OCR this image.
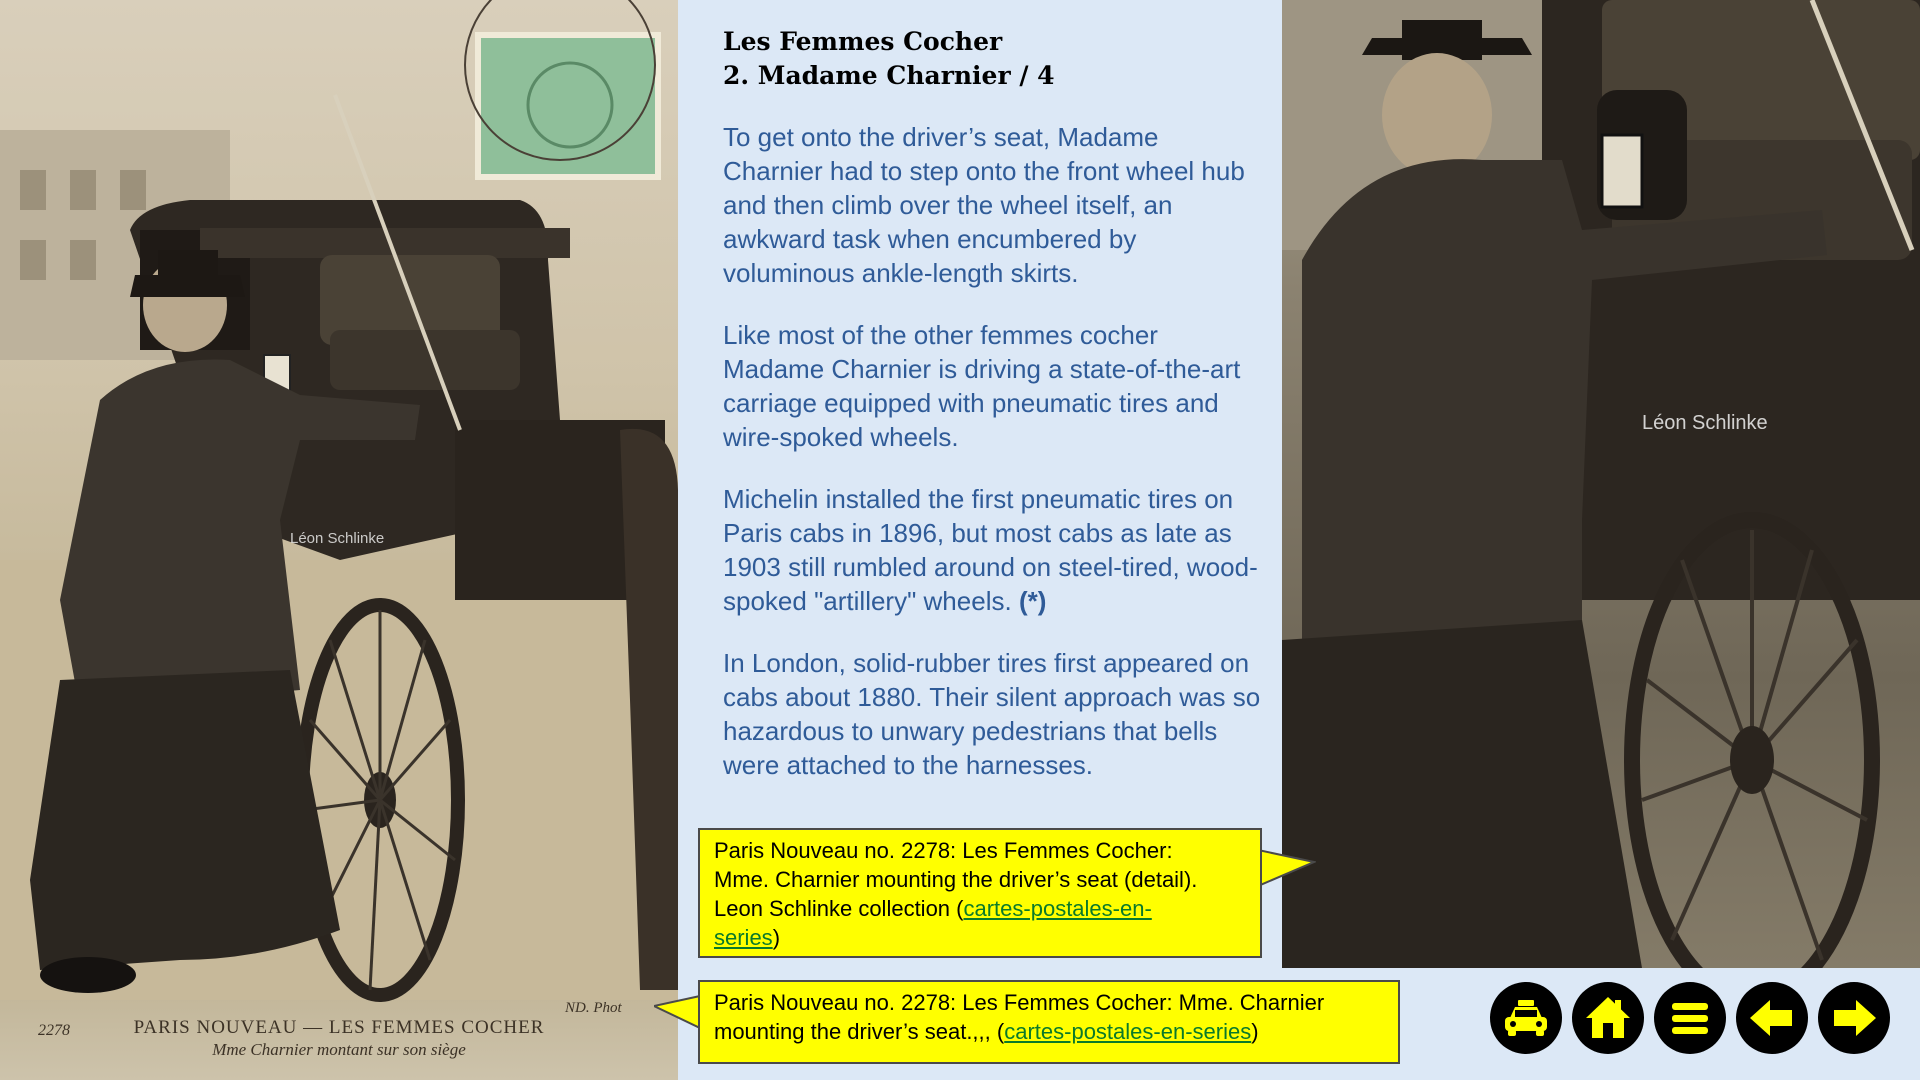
Léon Schlinke
ND. Phot
2278	PARIS NOUVEAU — LES FEMMES COCHER
Mme Charnier montant sur son siège
Les Femmes Cocher
2. Madame Charnier / 4

To get onto the driver’s seat, Madame Charnier had to step onto the front wheel hub and then climb over the wheel itself, an awkward task when encumbered by voluminous ankle-length skirts.

Like most of the other femmes cocher Madame Charnier is driving a state-of-the-art carriage equipped with pneumatic tires and wire-spoked wheels.

Michelin installed the first pneumatic tires on Paris cabs in 1896, but most cabs as late as 1903 still rumbled around on steel-tired, wood-spoked "artillery" wheels. (*)

In London, solid-rubber tires first appeared on cabs about 1880. Their silent approach was so hazardous to unwary pedestrians that bells were attached to the harnesses.

Léon Schlinke
Paris Nouveau no. 2278: Les Femmes Cocher:
Mme. Charnier mounting the driver’s seat (detail).
Leon Schlinke collection (cartes-postales-en-
series)
Paris Nouveau no. 2278: Les Femmes Cocher: Mme. Charnier
mounting the driver’s seat.,,, (cartes-postales-en-series)
